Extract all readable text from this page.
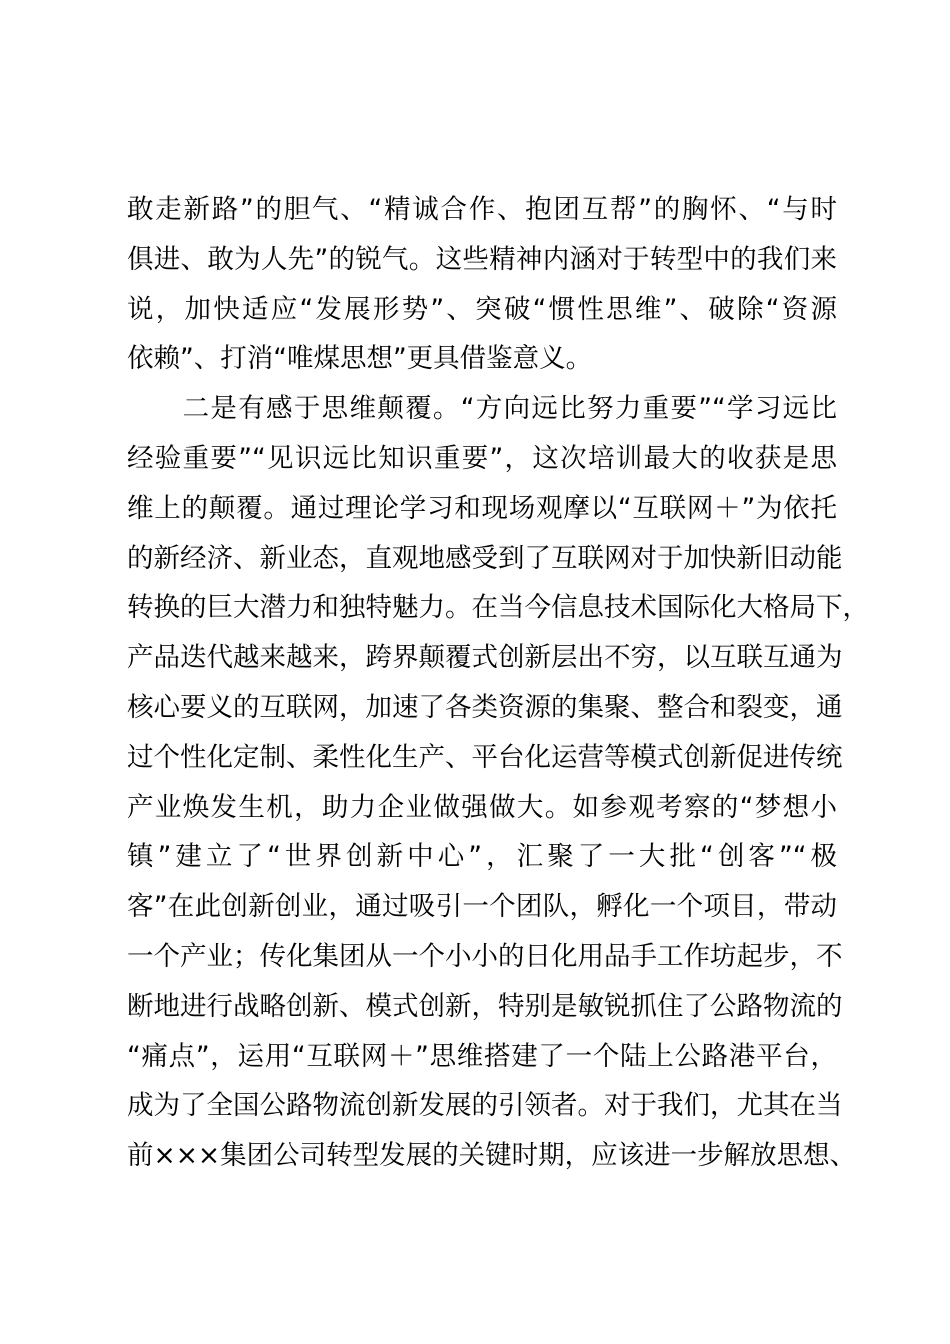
敢走新路”的胆气、“精诚合作、抱团互帮”的胸怀、“与时

俱进、敢为人先”的锐气。这些精神内涵对于转型中的我们来

说，加快适应“发展形势”、突破“惯性思维”、破除“资源

依赖”、打消“唯煤思想”更具借鉴意义。

　　二是有感于思维颠覆。“方向远比努力重要”“学习远比

经验重要”“见识远比知识重要”，这次培训最大的收获是思

维上的颠覆。通过理论学习和现场观摩以“互联网＋”为依托

的新经济、新业态，直观地感受到了互联网对于加快新旧动能

转换的巨大潜力和独特魅力。在当今信息技术国际化大格局下，

产品迭代越来越来，跨界颠覆式创新层出不穷，以互联互通为

核心要义的互联网，加速了各类资源的集聚、整合和裂变，通

过个性化定制、柔性化生产、平台化运营等模式创新促进传统

产业焕发生机，助力企业做强做大。如参观考察的“梦想小

镇”建立了“世界创新中心”，汇聚了一大批“创客”“极

客”在此创新创业，通过吸引一个团队，孵化一个项目，带动

一个产业；传化集团从一个小小的日化用品手工作坊起步，不

断地进行战略创新、模式创新，特别是敏锐抓住了公路物流的

“痛点”，运用“互联网＋”思维搭建了一个陆上公路港平台，

成为了全国公路物流创新发展的引领者。对于我们，尤其在当

前×××集团公司转型发展的关键时期，应该进一步解放思想、
